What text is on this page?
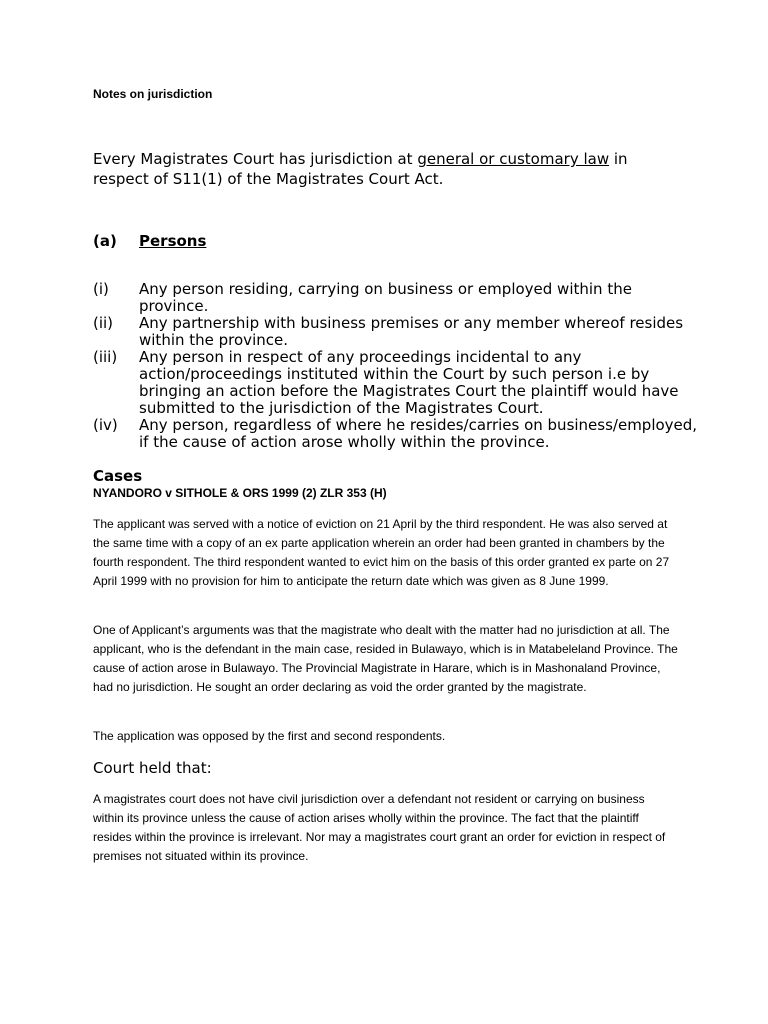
Notes on jurisdiction
Every Magistrates Court has jurisdiction at general or customary law in respect of S11(1) of the Magistrates Court Act.
(a) Persons
(i) Any person residing, carrying on business or employed within the province.
(ii) Any partnership with business premises or any member whereof resides within the province.
(iii) Any person in respect of any proceedings incidental to any action/proceedings instituted within the Court by such person i.e by bringing an action before the Magistrates Court the plaintiff would have submitted to the jurisdiction of the Magistrates Court.
(iv) Any person, regardless of where he resides/carries on business/employed, if the cause of action arose wholly within the province.
Cases
NYANDORO v SITHOLE & ORS 1999 (2) ZLR 353 (H)
The applicant was served with a notice of eviction on 21 April by the third respondent. He was also served at the same time with a copy of an ex parte application wherein an order had been granted in chambers by the fourth respondent. The third respondent wanted to evict him on the basis of this order granted ex parte on 27 April 1999 with no provision for him to anticipate the return date which was given as 8 June 1999.
One of Applicant’s arguments was that the magistrate who dealt with the matter had no jurisdiction at all. The applicant, who is the defendant in the main case, resided in Bulawayo, which is in Matabeleland Province. The cause of action arose in Bulawayo. The Provincial Magistrate in Harare, which is in Mashonaland Province, had no jurisdiction. He sought an order declaring as void the order granted by the magistrate.
The application was opposed by the first and second respondents.
Court held that:
A magistrates court does not have civil jurisdiction over a defendant not resident or carrying on business within its province unless the cause of action arises wholly within the province. The fact that the plaintiff resides within the province is irrelevant. Nor may a magistrates court grant an order for eviction in respect of premises not situated within its province.
